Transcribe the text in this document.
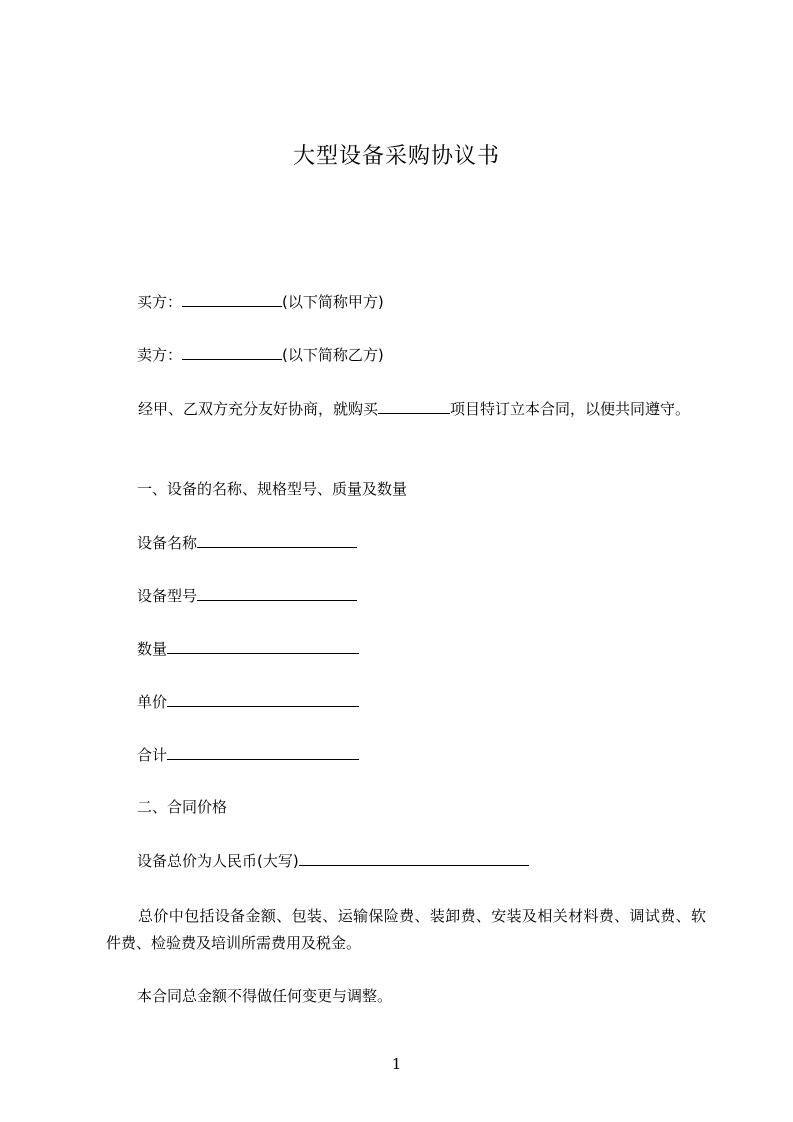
大型设备采购协议书
买方：	(以下简称甲方)
卖方：	(以下简称乙方)
经甲、乙双方充分友好协商，就购买	项目特订立本合同，以便共同遵守。
一、设备的名称、规格型号、质量及数量
设备名称
设备型号
数量
单价
合计
二、合同价格
设备总价为人民币(大写)
总价中包括设备金额、包装、运输保险费、装卸费、安装及相关材料费、调试费、软件费、检验费及培训所需费用及税金。
本合同总金额不得做任何变更与调整。
1
